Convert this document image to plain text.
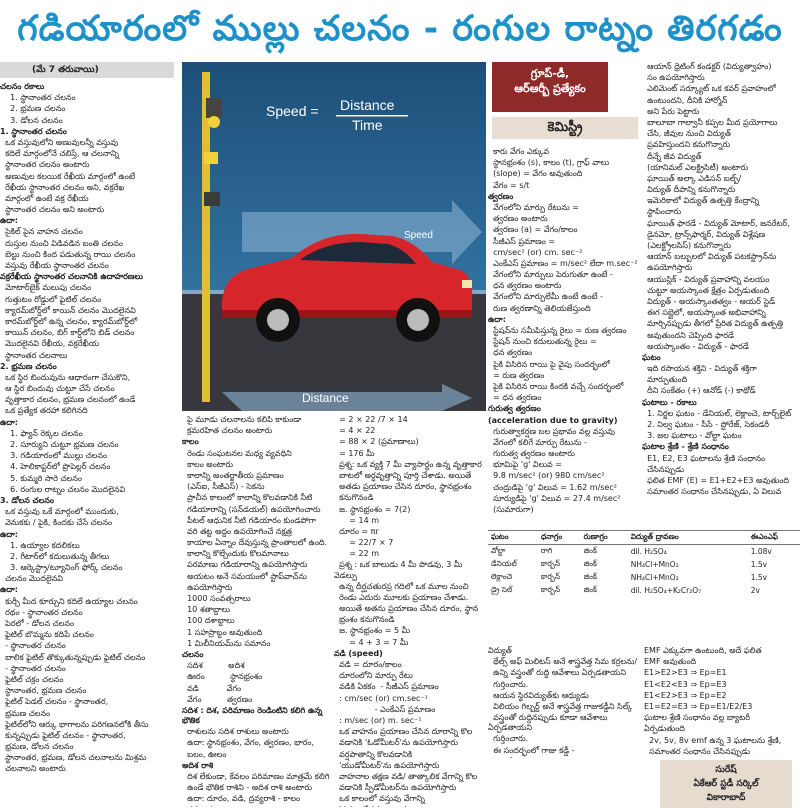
గడియారంలో ముల్లు చలనం - రంగుల రాట్నం తిరగడం
(మే 7 తరువాయి)

చలనం రకాలు

1. స్థానాంతర చలనం

2. భ్రమణ చలనం

3. డోలన చలనం

1. స్థానాంతర చలనం

ఒక వస్తువులోని అణువులన్నీ వస్తువు

కదిలే మార్గంలోనే చలిస్తే, ఆ చలనాన్ని

స్థానాంతర చలనం అంటారు

అణువుల కలయిక రేఖీయ మార్గంలో ఉంటే

రేఖీయ స్థానాంతర చలనం అని, వక్రరేఖ

మార్గంలో ఉంటే వక్ర రేఖీయ

స్థానాంతర చలనం అని అంటారు

ఉదా:

సైకిల్ పైన వాహన చలనం

దుస్తుల నుంచి విడివడిన బంతి చలనం

బెల్టు నుంచి కింద పడుతున్న రాయి చలనం

వస్తువు రేఖీయ స్థానాంతర చలనం

వక్రరేఖీయ స్థానాంతర చలనానికి ఉదాహరణలు

మోటార్‌బైక్ మలుపు చలనం

గుత్తుటం రోడ్డులో ఫైటిల్ చలనం

క్యారమ్‌బోర్డ్‌లో కాయిన్ చలనం మొదలైనవి

కారమ్‌బోర్డ్‌లో ఉన్న చలనం, క్యారమ్‌బోర్డ్‌లో

కాయిన్ చలనం, బిగ్ కార్డ్‌లోని బిడ్ చలనం

మొదలైనవి రేఖీయ, వక్రరేఖీయ

స్థానాంతర చలనాలు

2. భ్రమణ చలనం

ఒక స్థిర బిందువును ఆధారంగా చేసుకొని,

ఆ స్థిర బిందువు చుట్టూ చేసే చలనం

వృత్తాకార చలనం, భ్రమణ చలనంలో ఉండే

ఒక ప్రత్యేక తరహా కలిగినది

ఉదా:

1. ఫ్యాన్ రెక్కల చలనం

2. సూర్యుని చుట్టూ భ్రమణ చలనం

3. గడియారంలో ముల్లు చలనం

4. హెలికాప్టర్‌లో ప్రొపెల్లర్ చలనం

5. కుమ్మరి సారె చలనం

6. రంగుల రాట్నం చలనం మొదలైనవి

3. డోలన చలనం

ఒక వస్తువు ఒకే మార్గంలో ముందుకు,

వెనుకకు / పైకి, కిందకు చేసే చలనం

ఉదా:

1. ఉయ్యాల కదలికలు

2. గీటార్‌లో కదులుతున్న తీగలు

3. ఆర్కెస్ట్రా/ట్యూనింగ్ ఫోర్క్ చలనం

చలనం మొదలైనవి

ఉదా:

కుర్చీ మీద కూర్చుని కదిలే ఉయ్యాల చలనం

రథం - స్థానాంతర చలనం

పెరలో - డోలన చలనం

ఫైటిల్ బొమ్మను కదిపే చలనం

- స్థానాంతర చలనం

బాలిక ఫైటిల్ తొక్కుతున్నప్పుడు ఫైటిల్ చలనం

- స్థానాంతర చలనం

ఫైటిల్ చక్రం చలనం

స్థానాంతర, భ్రమణ చలనం

ఫైటిల్ పెడల్ చలనం - స్థానాంతర,

భ్రమణ చలనం

ఫైటిల్‌లోని ఆర్కు భాగాలను పరిగణనలోకి తీసు

కున్నప్పుడు ఫైటిల్ చలనం - స్థానాంతర,

భ్రమణ, డోలన చలనం

స్థానాంతర, భ్రమణ, డోలన చలనాలను మిశ్రమ

చలనాలని అంటారు

Speed = Distance
Time
Speed
Distance

పై మూడు చలనాలను కలిపి కాకుండా

క్రమరహిత చలనం అంటారు

కాలం

రెండు సంఘటనల మధ్య వ్యవధిని

కాలం అంటారు

కాలాన్ని అంతర్జాతీయ ప్రమాణం

(ఎస్ఐ, సీజీఎస్) - సెకను

ప్రాచీన కాలంలో కాలాన్ని కొలవడానికి నీటి

గడియారాన్ని (సన్‌డయల్) ఉపయోగించారు

పీటల్ ఆధునిక నీటి గడియారం కుండపోగా

వరి తట్ట అద్దం ఉపయోగించే నక్షత్ర

కాయాల ఏన్నాం దేవుస్తున్న ప్రాంతాలలో ఉంది.

కాలాన్ని కొల్చేందుకు కొలమానాలు

పరమాణు గడియారాన్ని ఉపయోగిస్తారు

అయటం అనే సమయంలో స్టాప్‌వాచ్‌ను

ఉపయోగిస్తారు

1000 సంవత్సరాలు

10 శతాబ్దాలు

100 దశాబ్దాలు

1 సహస్రాబ్దం అవుతుంది

1 మిలీనియమ్‌ను సమానం

చలనం

సదిశ          అదిశ

ఊరం          స్థానభ్రంశం

వడి           వేగం

వేగం          త్వరణం

సదిశ : దిశ, పరిమాణం రెండింటిని కలిగి ఉన్న భౌతిక

రాశులను సదిశ రాశులు అంటారు

ఉదా: స్థానభ్రంశం, వేగం, త్వరణం, భారం,

బలం, ఊలం

అదిశ రాశి

దిశ లేకుండా, కేవలం పరిమాణం మాత్రమే కలిగి

ఉండే భౌతిక రాశిని - అదిశ రాశి అంటారు

ఉదా: దూరం, వడి, ద్రవ్యరాశి - కాలం

= 2 × 22 /7 × 14

= 4 × 22

= 88 × 2 (ప్రమాణాలు)

= 176 మీ

ప్రశ్న: ఒక వ్యక్తి 7 మీ వ్యాసార్థం ఉన్న వృత్తాకార

బాటలో అర్ధవృత్తాన్ని పూర్తి చేశాడు. అయితే

అతడు ప్రయాణం చేసిన దూరం, స్థానభ్రంశం

కనుగొనండి

జ. స్థానభ్రంశం = 7(2)

= 14 m

దూరం = πr

= 22/7 × 7

= 22 m

ప్రశ్న : ఒక బాలుడు 4 మీ పొడవు, 3 మీ వెడల్పు

ఉన్న దీర్ఘచతురస్ర గదిలో ఒక మూల నుంచి

రెండు ఎదురు మూలకు ప్రయాణం చేశాడు.

అయితే అతను ప్రయాణం చేసిన దూరం, స్థాన

భ్రంశం కనుగొనండి

జ. స్థానభ్రంశం = 5 మీ

= 4 + 3 = 7 మీ

వడి (speed)

వడి = దూరం/కాలం

దూరంలోని మార్పు రేటు

వడికి ఏకకం  - సీజీఎస్ ప్రమాణం

: cm/sec (or) cm.sec⁻¹

- ఎంకేఎస్ ప్రమాణం

: m/sec (or) m. sec⁻¹

ఒక వాహనం ప్రయాణం చేసిన దూరాన్ని కొల

వడానికి 'ఓడోమీటర్'ను ఉపయోగిస్తారు

వర్షపాతాన్ని కొలవడానికి

'యుడోమీటర్'ను ఉపయోగిస్తారు

వాహనాల తక్షణ వడి/ తాత్కాలిక వేగాన్ని కొల

వడానికి స్పీడోమీటర్‌ను ఉపయోగిస్తారు

ఒక కాలంలో వస్తువు వేగాన్ని

గ్రూప్-డీ,
ఆర్ఆర్బీ ప్రత్యేకం
కెమిస్ట్రీ

కారు వేగం ఎక్కువ

స్థానభ్రంశం (s), కాలం (t), గ్రాఫ్ వాలు

(slope) = వేగం అవుతుంది

వేగం = s/t

త్వరణం

వేగంలోని మార్పు రేటును =

త్వరణం అంటారు

త్వరణం (a) = వేగం/కాలం

సీజీఎస్ ప్రమాణం =

cm/sec² (or) cm. sec⁻²

ఎంకేఎస్ ప్రమాణం = m/sec² లేదా m.sec⁻²

వేగంలోని మార్పులు పెరుగుతూ ఉంటే -

ధన త్వరణం అంటారు

వేగంలోని మార్పులేమీ ఉంటే ఉంటే -

రుణ త్వరణాన్ని తెలియజేస్తుంది

ఉదా:

స్టేషన్‌ను సమీపిస్తున్న రైలు = రుణ త్వరణం

స్టేషన్ నుంచి కదులుతున్న రైలు =

ధన త్వరణం

పైకి విసిరిన రాయి పై వైపు సందర్భంలో

= రుణ త్వరణం

పైకి విసిరిన రాయి కిందకి వచ్చే సందర్భంలో

= ధన త్వరణం

గురుత్వ త్వరణం

(acceleration due to gravity)

గురుత్వాకర్షణ బల ప్రభావం వల్ల వస్తువు

వేగంలో కలిగే మార్పు రేటును -

గురుత్వ త్వరణం అంటారు

భూమిపై 'g' విలువ =

9.8 m/sec² (or) 980 cm/sec²

చంద్రుడిపై 'g' విలువ = 1.62 m/sec²

సూర్యుడిపై 'g' విలువ = 27.4 m/sec²

(సుమారుగా)

ఆయాన్ ధ్రెటింగ్ కండక్టర్ (విద్యుత్వాహం)

సం ఉపయోగిస్తారు

ఎలిమెంట్ సర్క్యూట్ ఒక కవర్ ప్రవాహంలో

ఉంటుందని, దీనికి హార్మోన్

అని పేరు పెట్టారు

బాలూబా గాల్వానీ కప్పల మీద ప్రయోగాలు

చేసి, జీవుల నుంచి విద్యుత్

ప్రవహిస్తుందని కనుగొన్నారు

దీన్నే జీవ విద్యుత్

(యానిమల్ ఎలక్ట్రిసిటీ) అంటారు

ఘాయిత్ అల్కా ఎడిసన్ బల్బ్/

విద్యుత్ దీపాన్ని కనుగొన్నారు

ఇమెరికాలో విద్యుత్ ఉత్పత్తి కేంద్రాన్ని

స్థాపించారు

ఘాయిత్ ఫారడే - విద్యుత్ మోటార్, జనరేటర్,

డైనమో, ట్రాన్స్‌ఫార్మర్, విద్యుత్ విశ్లేషణ

(ఎలక్ట్రోలసిస్) కనుగొన్నారు

ఆయాన్ బల్బులలో విద్యుత్ పటకస్ట్రాన్‌ను

ఉపయోగిస్తారు

ఆయుస్లిక్ - విద్యుత్ ప్రవాహాన్ని వలయం

చుట్టూ అయస్కాంత క్షేత్రం ఏర్పడుతుంది

విద్యుత్ - అయస్కాంతత్వం - ఆయర్ స్టెడ్

ఈగ సబ్లైలో, అయస్కాంత అభివాహాన్ని

మార్చినప్పుడు తీగలో ప్రేరిత విద్యుత్ ఉత్పత్తి

అవుతుందని చెప్పింది ఫారడే

అయస్కాంతం - విద్యుత్ - ఫారడే

ఘటం

ఇది రసాయన శక్తిని - విద్యుత్ శక్తిగా

మార్పుతుంది

దీని సంకేతం (+) ఆనోడ్ (-) కాథోడ్

ఘటాలు - రకాలు

1. నిర్జల ఘటం - డేనియల్, లెక్లాంచె, టార్చ్‌లైట్

2. నిల్వ ఘటం - సీసే - స్టోరేజ్, సెకండరీ

3. జల ఘటాలు - వోల్టా ఘటం

ఘటాల శ్రేణి - శ్రేణి సంధానం

E1, E2, E3 ఘటాలను శ్రేణి సంధానం

చేసినప్పుడు

ఫలిత EMF (E) = E1+E2+E3 అవుతుంది

సమాంతర సంధానం చేసినప్పుడు, ఏ విలువ

ఘటం	ధనాగ్రం	రుణాగ్రం	విద్యుత్ ద్రావణం	ఈఎంఎఫ్
వోల్టా	రాగి	జింక్	dil. H₂SO₄	1.08v
డేనియల్	కార్బన్	జింక్	NH₄Cl+MnO₂	1.5v
లెక్లాంచె	కార్బన్	జింక్	NH₄Cl+MnO₂	1.5v
డ్రై సెల్	కార్బన్	జింక్	dil. H₂SO₄+K₂Cr₂O₇	2v

విద్యుత్

థేల్స్ అఫ్ మిలిటస్ అనే శాస్త్రవేత్త సిమ కర్రలను/

ఉన్ని వస్త్రంతో రుద్ది ఆవేశాలు ఏర్పడతాయని

గుర్తించారు.

ఆయన స్థిరవిద్యుత్‌కు ఆధ్యుడు

విలియం గిల్బర్ట్ అనే శాస్త్రవేత్త గాజుకడ్డీని సిల్క్

వస్త్రంతో రుద్దినప్పుడు కూడా ఆవేశాలు ఏర్పడతాయని

గుర్తించారు.

ఈ సందర్భంలో గాజు కడ్డీ -

EMF ఎక్కువగా ఉంటుంది, అదే ఫలిత

EMF అవుతుంది

E1>E2>E3 ⇒ Ep=E1

E1<E2<E3 ⇒ Ep=E3

E1<E2>E3 ⇒ Ep=E2

E1=E2=E3 ⇒ Ep=E1/E2/E3

ఘటాల శ్రేణి సంధానం వల్ల బ్యాటరీ

ఏర్పడుతుంది

2v, 5v, 8v emf ఉన్న 3 ఘటాలను శ్రేణి,

సమాంతర సంధానం చేసినప్పుడు

సురేష్
ఏకేఆర్ స్టడీ సర్కిల్
వికారాబాద్
